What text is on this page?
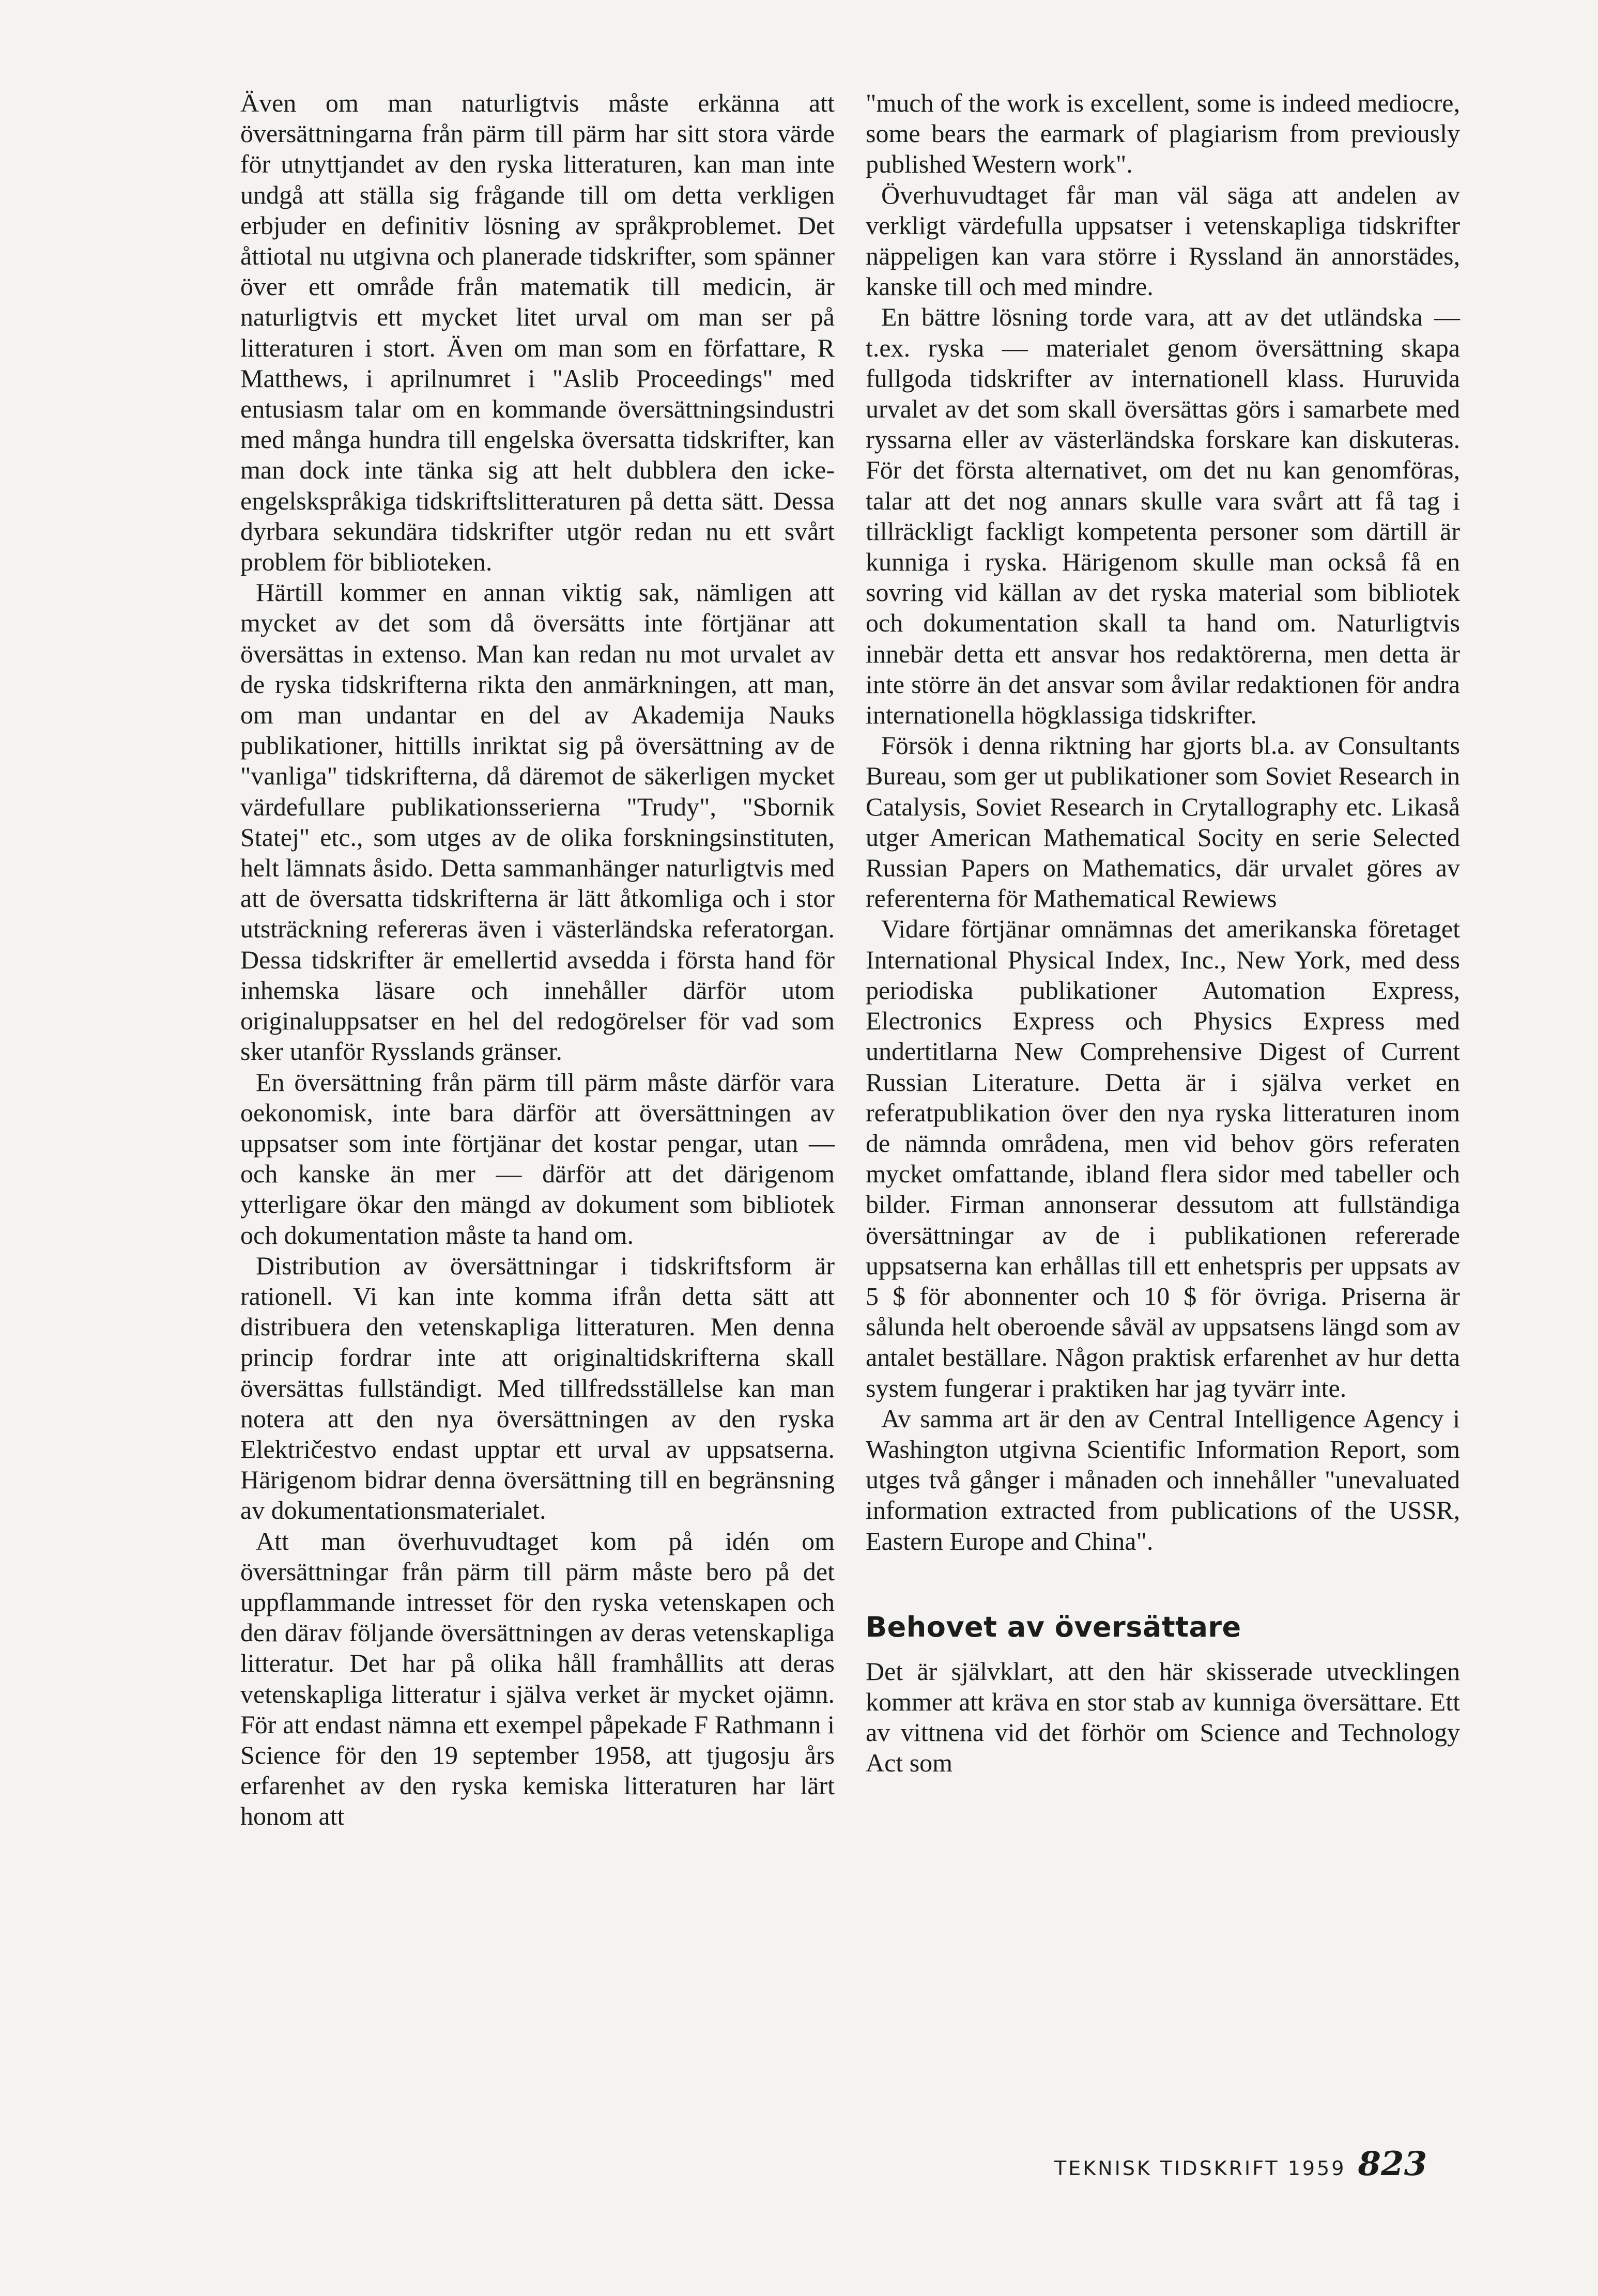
Även om man naturligtvis måste erkänna att översättningarna från pärm till pärm har sitt stora värde för utnyttjandet av den ryska litteraturen, kan man inte undgå att ställa sig frågande till om detta verkligen erbjuder en definitiv lösning av språkproblemet. Det åttiotal nu utgivna och planerade tidskrifter, som spänner över ett område från matematik till medicin, är naturligtvis ett mycket litet urval om man ser på litteraturen i stort. Även om man som en författare, R Matthews, i aprilnumret i "Aslib Proceedings" med entusiasm talar om en kommande översättningsindustri med många hundra till engelska översatta tidskrifter, kan man dock inte tänka sig att helt dubblera den icke-engelskspråkiga tidskriftslitteraturen på detta sätt. Dessa dyrbara sekundära tidskrifter utgör redan nu ett svårt problem för biblioteken.

Härtill kommer en annan viktig sak, nämligen att mycket av det som då översätts inte förtjänar att översättas in extenso. Man kan redan nu mot urvalet av de ryska tidskrifterna rikta den anmärkningen, att man, om man undantar en del av Akademija Nauks publikationer, hittills inriktat sig på översättning av de "vanliga" tidskrifterna, då däremot de säkerligen mycket värdefullare publikationsserierna "Trudy", "Sbornik Statej" etc., som utges av de olika forskningsinstituten, helt lämnats åsido. Detta sammanhänger naturligtvis med att de översatta tidskrifterna är lätt åtkomliga och i stor utsträckning refereras även i västerländska referatorgan. Dessa tidskrifter är emellertid avsedda i första hand för inhemska läsare och innehåller därför utom originaluppsatser en hel del redogörelser för vad som sker utanför Rysslands gränser.

En översättning från pärm till pärm måste därför vara oekonomisk, inte bara därför att översättningen av uppsatser som inte förtjänar det kostar pengar, utan — och kanske än mer — därför att det därigenom ytterligare ökar den mängd av dokument som bibliotek och dokumentation måste ta hand om.

Distribution av översättningar i tidskriftsform är rationell. Vi kan inte komma ifrån detta sätt att distribuera den vetenskapliga litteraturen. Men denna princip fordrar inte att originaltidskrifterna skall översättas fullständigt. Med tillfredsställelse kan man notera att den nya översättningen av den ryska Električestvo endast upptar ett urval av uppsatserna. Härigenom bidrar denna översättning till en begränsning av dokumentationsmaterialet.

Att man överhuvudtaget kom på idén om översättningar från pärm till pärm måste bero på det uppflammande intresset för den ryska vetenskapen och den därav följande översättningen av deras vetenskapliga litteratur. Det har på olika håll framhållits att deras vetenskapliga litteratur i själva verket är mycket ojämn. För att endast nämna ett exempel påpekade F Rathmann i Science för den 19 september 1958, att tjugosju års erfarenhet av den ryska kemiska litteraturen har lärt honom att

"much of the work is excellent, some is indeed mediocre, some bears the earmark of plagiarism from previously published Western work".

Överhuvudtaget får man väl säga att andelen av verkligt värdefulla uppsatser i vetenskapliga tidskrifter näppeligen kan vara större i Ryssland än annorstädes, kanske till och med mindre.

En bättre lösning torde vara, att av det utländska — t.ex. ryska — materialet genom översättning skapa fullgoda tidskrifter av internationell klass. Huruvida urvalet av det som skall översättas görs i samarbete med ryssarna eller av västerländska forskare kan diskuteras. För det första alternativet, om det nu kan genomföras, talar att det nog annars skulle vara svårt att få tag i tillräckligt fackligt kompetenta personer som därtill är kunniga i ryska. Härigenom skulle man också få en sovring vid källan av det ryska material som bibliotek och dokumentation skall ta hand om. Naturligtvis innebär detta ett ansvar hos redaktörerna, men detta är inte större än det ansvar som åvilar redaktionen för andra internationella högklassiga tidskrifter.

Försök i denna riktning har gjorts bl.a. av Consultants Bureau, som ger ut publikationer som Soviet Research in Catalysis, Soviet Research in Crytallography etc. Likaså utger American Mathematical Socity en serie Selected Russian Papers on Mathematics, där urvalet göres av referenterna för Mathematical Rewiews

Vidare förtjänar omnämnas det amerikanska företaget International Physical Index, Inc., New York, med dess periodiska publikationer Automation Express, Electronics Express och Physics Express med undertitlarna New Comprehensive Digest of Current Russian Literature. Detta är i själva verket en referatpublikation över den nya ryska litteraturen inom de nämnda områdena, men vid behov görs referaten mycket omfattande, ibland flera sidor med tabeller och bilder. Firman annonserar dessutom att fullständiga översättningar av de i publikationen refererade uppsatserna kan erhållas till ett enhetspris per uppsats av 5 $ för abonnenter och 10 $ för övriga. Priserna är sålunda helt oberoende såväl av uppsatsens längd som av antalet beställare. Någon praktisk erfarenhet av hur detta system fungerar i praktiken har jag tyvärr inte.

Av samma art är den av Central Intelligence Agency i Washington utgivna Scientific Information Report, som utges två gånger i månaden och innehåller "unevaluated information extracted from publications of the USSR, Eastern Europe and China".

Behovet av översättare

Det är självklart, att den här skisserade utvecklingen kommer att kräva en stor stab av kunniga översättare. Ett av vittnena vid det förhör om Science and Technology Act som

TEKNISK TIDSKRIFT 1959 823
